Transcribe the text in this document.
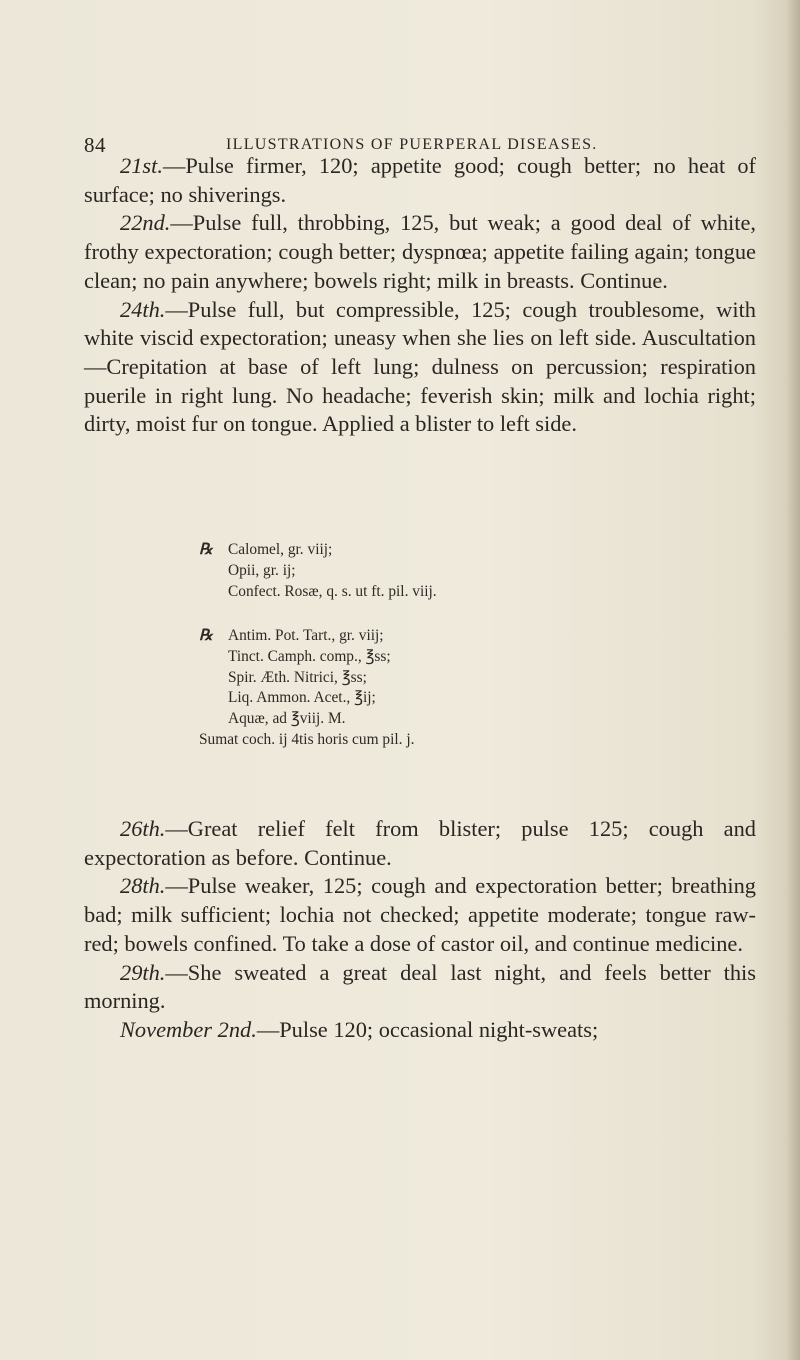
84	ILLUSTRATIONS OF PUERPERAL DISEASES.

21st.—Pulse firmer, 120; appetite good; cough better; no heat of surface; no shiverings.

22nd.—Pulse full, throbbing, 125, but weak; a good deal of white, frothy expectoration; cough better; dyspnœa; appetite failing again; tongue clean; no pain anywhere; bowels right; milk in breasts. Continue.

24th.—Pulse full, but compressible, 125; cough troublesome, with white viscid expectoration; uneasy when she lies on left side. Auscultation—Crepitation at base of left lung; dulness on percussion; respiration puerile in right lung. No headache; feverish skin; milk and lochia right; dirty, moist fur on tongue. Applied a blister to left side.

℞ Calomel, gr. viij;
Opii, gr. ij;
Confect. Rosæ, q. s. ut ft. pil. viij.
℞ Antim. Pot. Tart., gr. viij;
Tinct. Camph. comp., ℥ss;
Spir. Æth. Nitrici, ℥ss;
Liq. Ammon. Acet., ℥ij;
Aquæ, ad ℥viij. M.
Sumat coch. ij 4tis horis cum pil. j.

26th.—Great relief felt from blister; pulse 125; cough and expectoration as before. Continue.

28th.—Pulse weaker, 125; cough and expectoration better; breathing bad; milk sufficient; lochia not checked; appetite moderate; tongue raw-red; bowels confined. To take a dose of castor oil, and continue medicine.

29th.—She sweated a great deal last night, and feels better this morning.

November 2nd.—Pulse 120; occasional night-sweats;
